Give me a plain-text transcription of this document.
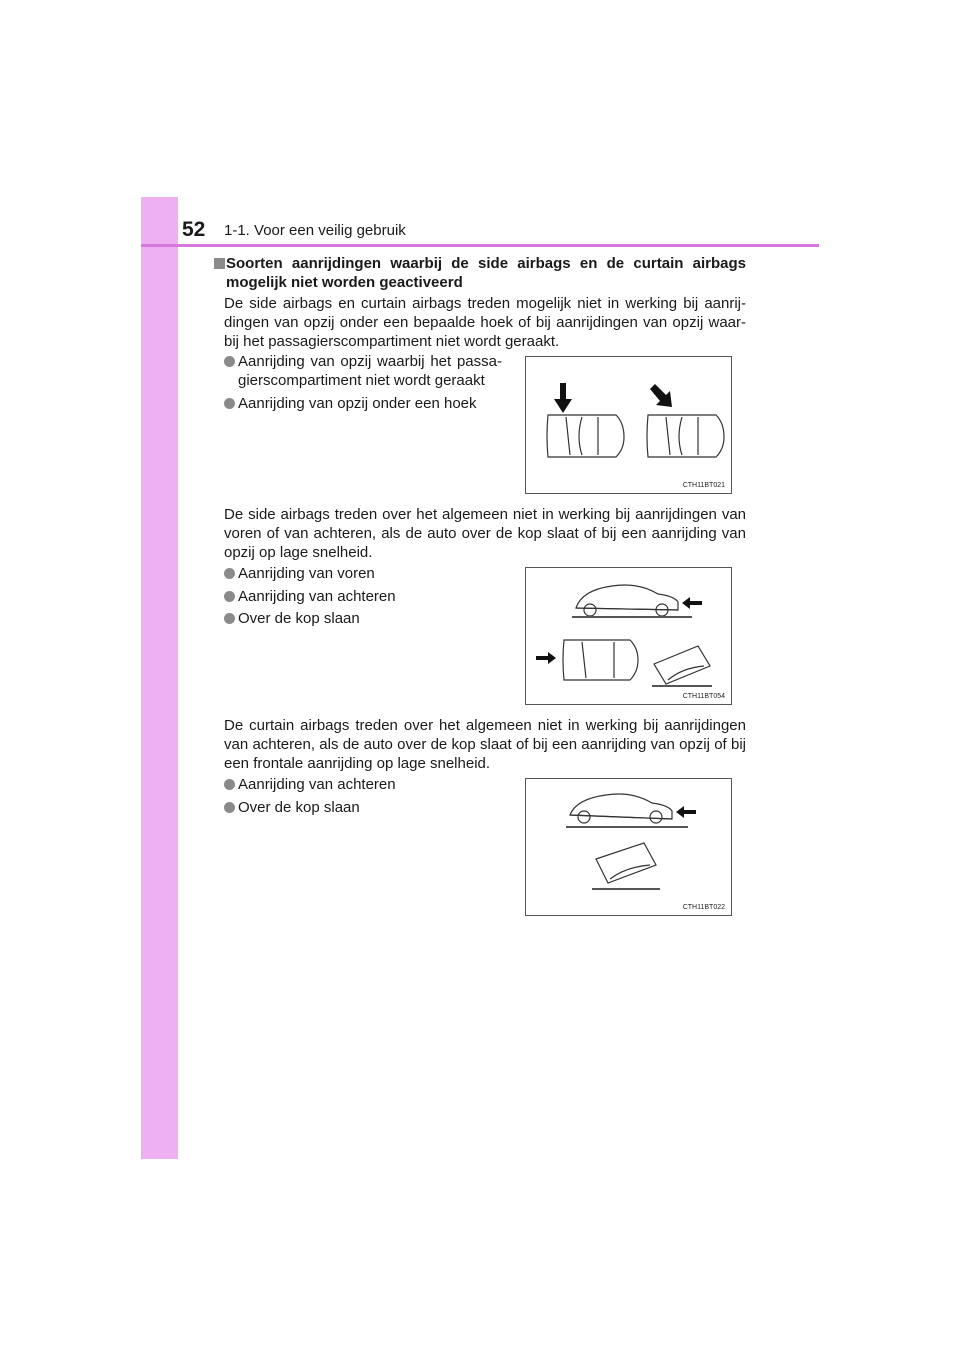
52 1-1. Voor een veilig gebruik
Soorten aanrijdingen waarbij de side airbags en de curtain airbags mogelijk niet worden geactiveerd
De side airbags en curtain airbags treden mogelijk niet in werking bij aanrij- dingen van opzij onder een bepaalde hoek of bij aanrijdingen van opzij waar- bij het passagierscompartiment niet wordt geraakt.
Aanrijding van opzij waarbij het passa- gierscompartiment niet wordt geraakt
Aanrijding van opzij onder een hoek
CTH11BT021
De side airbags treden over het algemeen niet in werking bij aanrijdingen van voren of van achteren, als de auto over de kop slaat of bij een aanrijding van opzij op lage snelheid.
Aanrijding van voren
Aanrijding van achteren
Over de kop slaan
CTH11BT054
De curtain airbags treden over het algemeen niet in werking bij aanrijdingen van achteren, als de auto over de kop slaat of bij een aanrijding van opzij of bij een frontale aanrijding op lage snelheid.
Aanrijding van achteren
Over de kop slaan
CTH11BT022
